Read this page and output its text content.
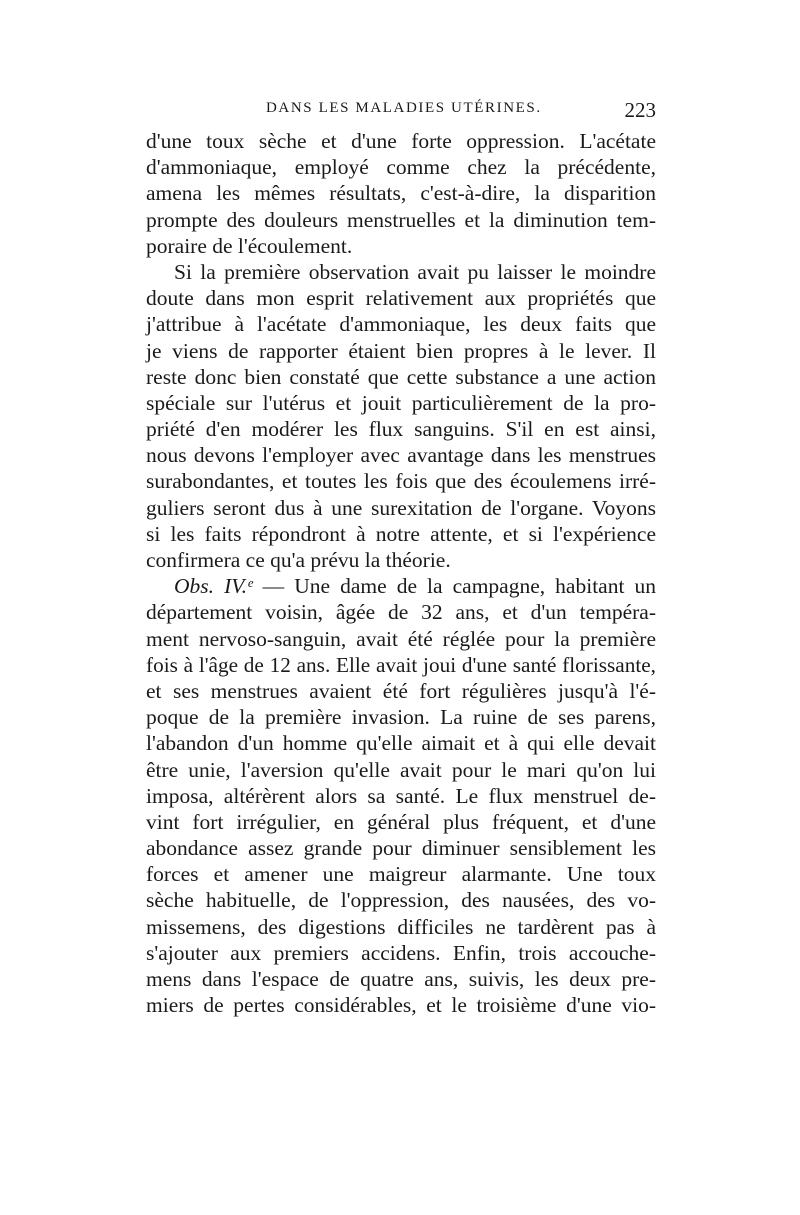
DANS LES MALADIES UTÉRINES.	223
d'une toux sèche et d'une forte oppression. L'acétate
d'ammoniaque, employé comme chez la précédente,
amena les mêmes résultats, c'est-à-dire, la disparition
prompte des douleurs menstruelles et la diminution tem-
poraire de l'écoulement.
Si la première observation avait pu laisser le moindre
doute dans mon esprit relativement aux propriétés que
j'attribue à l'acétate d'ammoniaque, les deux faits que
je viens de rapporter étaient bien propres à le lever. Il
reste donc bien constaté que cette substance a une action
spéciale sur l'utérus et jouit particulièrement de la pro-
priété d'en modérer les flux sanguins. S'il en est ainsi,
nous devons l'employer avec avantage dans les menstrues
surabondantes, et toutes les fois que des écoulemens irré-
guliers seront dus à une surexitation de l'organe. Voyons
si les faits répondront à notre attente, et si l'expérience
confirmera ce qu'a prévu la théorie.
Obs. IV.ᵉ — Une dame de la campagne, habitant un
département voisin, âgée de 32 ans, et d'un tempéra-
ment nervoso-sanguin, avait été réglée pour la première
fois à l'âge de 12 ans. Elle avait joui d'une santé florissante,
et ses menstrues avaient été fort régulières jusqu'à l'é-
poque de la première invasion. La ruine de ses parens,
l'abandon d'un homme qu'elle aimait et à qui elle devait
être unie, l'aversion qu'elle avait pour le mari qu'on lui
imposa, altérèrent alors sa santé. Le flux menstruel de-
vint fort irrégulier, en général plus fréquent, et d'une
abondance assez grande pour diminuer sensiblement les
forces et amener une maigreur alarmante. Une toux
sèche habituelle, de l'oppression, des nausées, des vo-
missemens, des digestions difficiles ne tardèrent pas à
s'ajouter aux premiers accidens. Enfin, trois accouche-
mens dans l'espace de quatre ans, suivis, les deux pre-
miers de pertes considérables, et le troisième d'une vio-
